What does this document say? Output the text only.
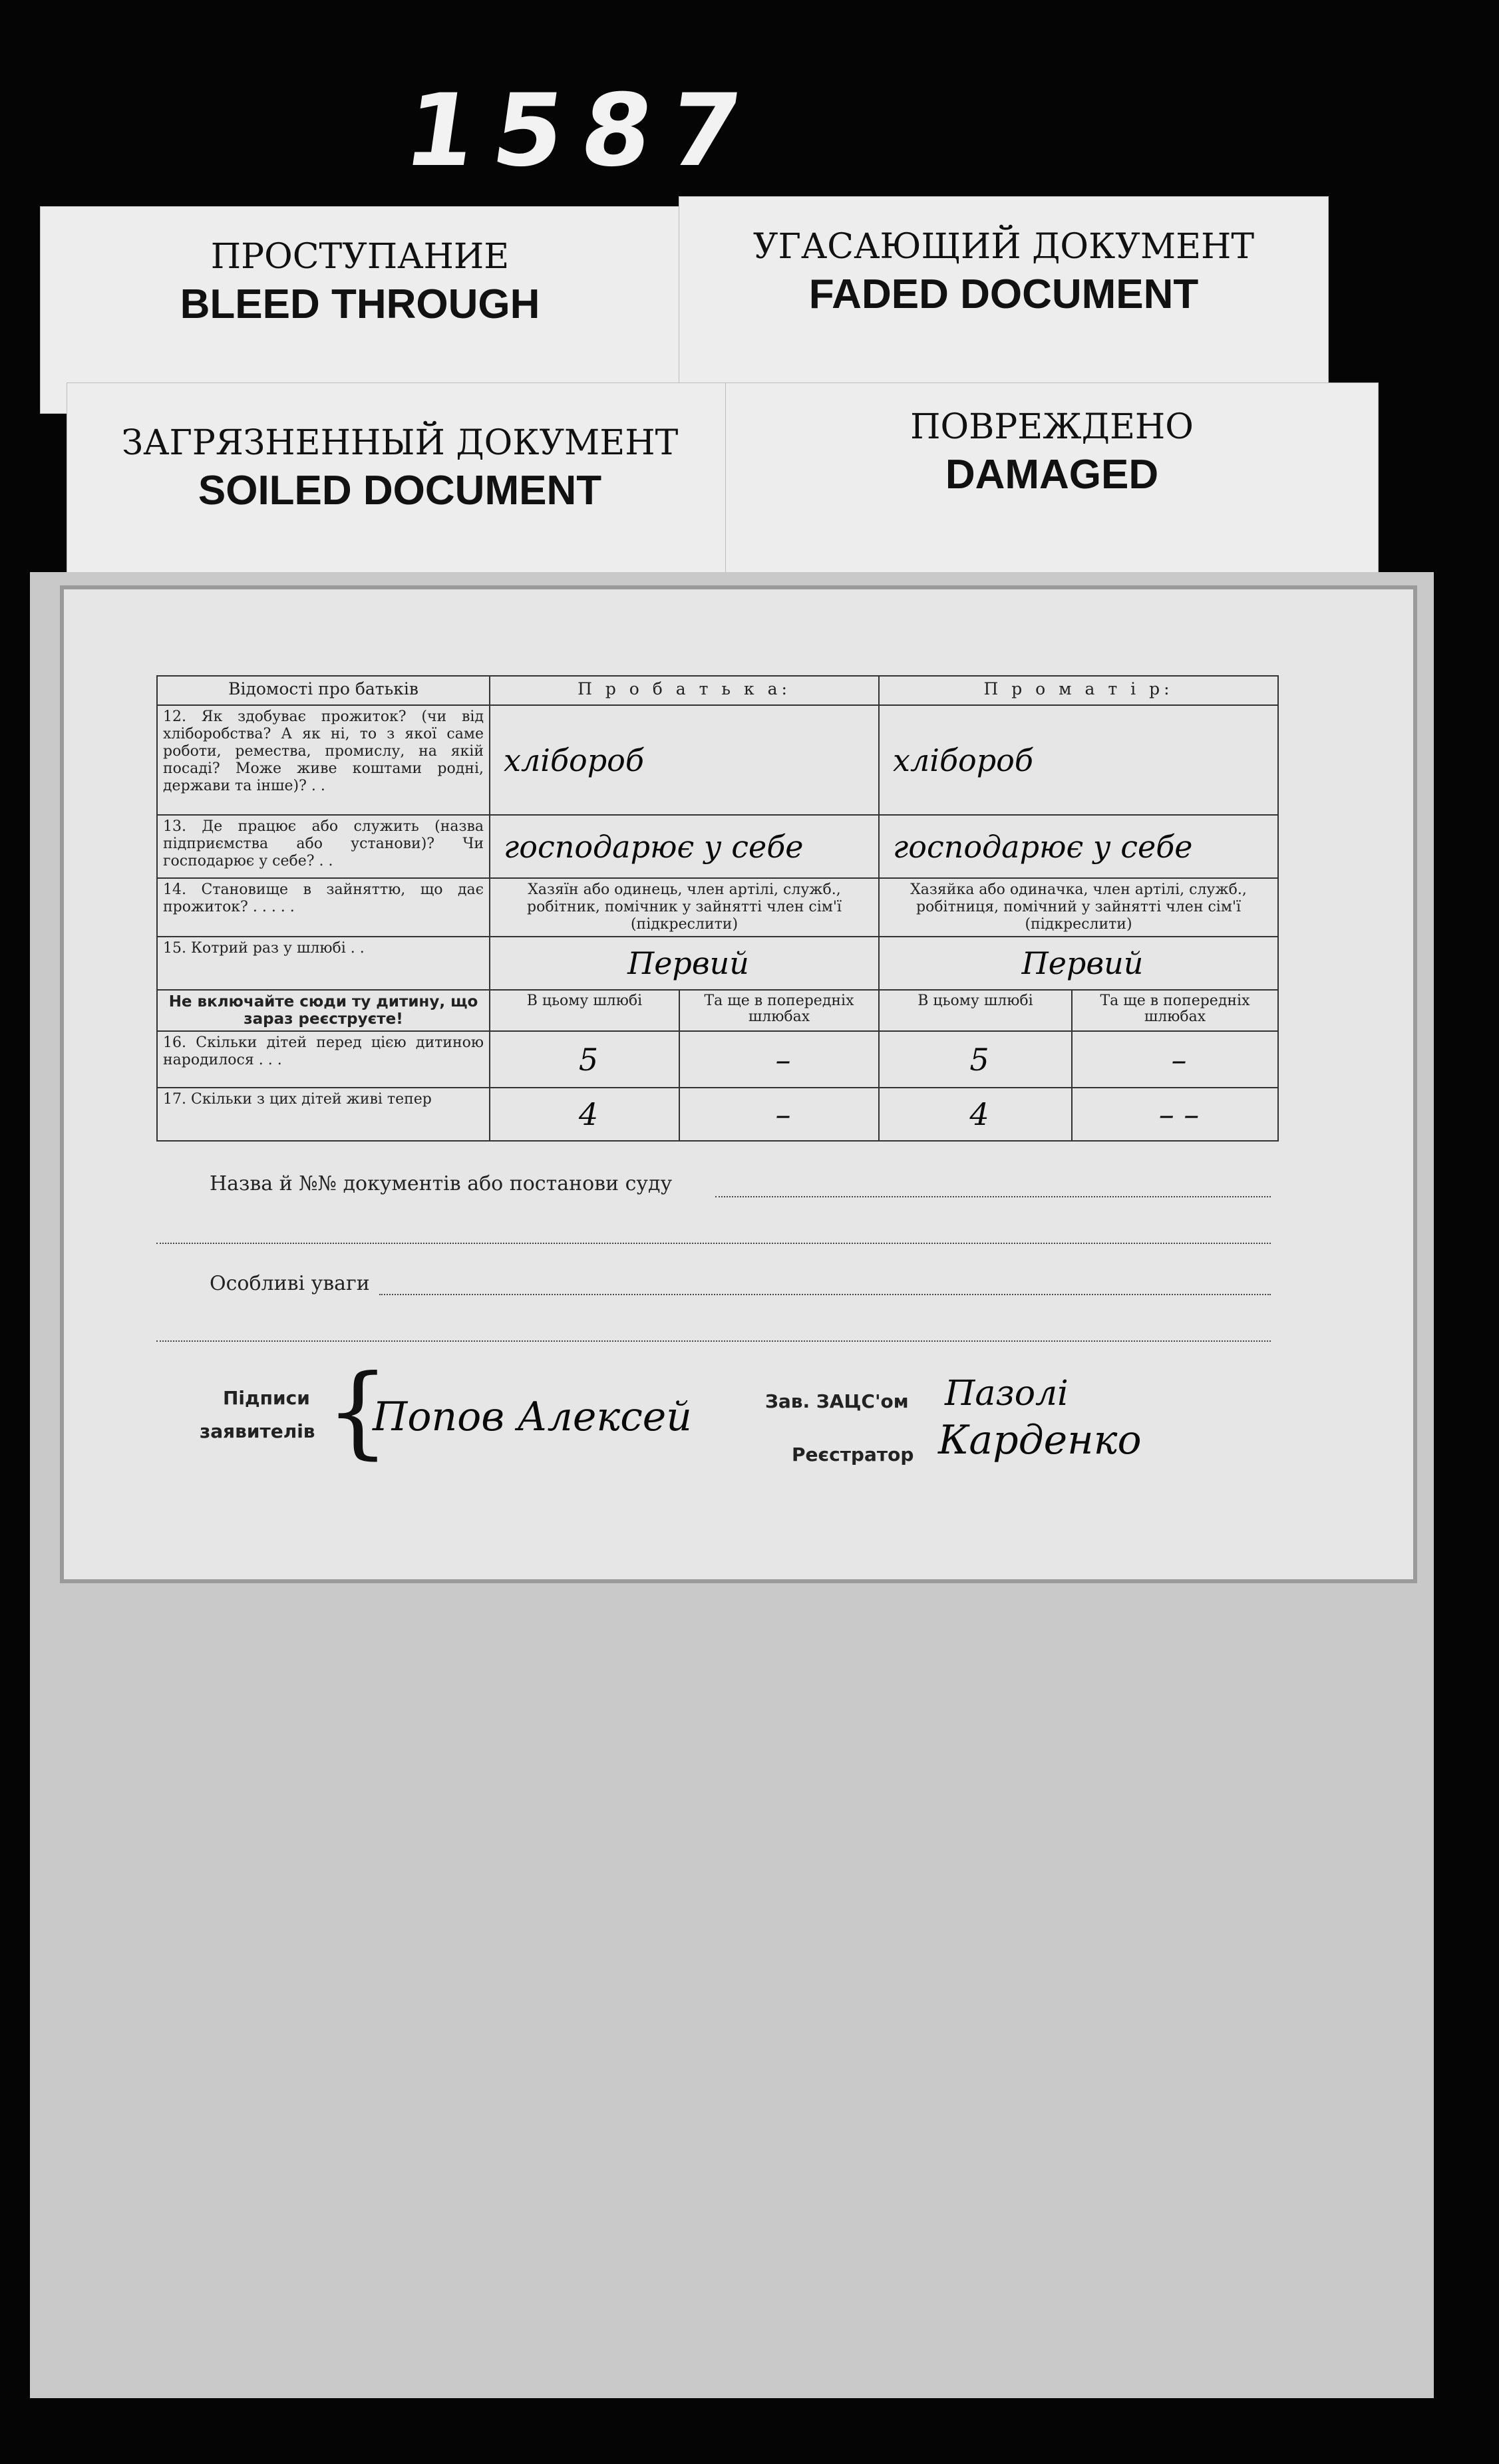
1587
ПРОСТУПАНИЕ
BLEED THROUGH
УГАСАЮЩИЙ ДОКУМЕНТ
FADED DOCUMENT
ЗАГРЯЗНЕННЫЙ ДОКУМЕНТ
SOILED DOCUMENT
ПОВРЕЖДЕНО
DAMAGED
Відомості про батьків	П р о б а т ь к а:		П р о м а т і р:	
12. Як здобуває прожиток? (чи від хліборобства? А як ні, то з якої саме роботи, ремества, промислу, на якій посаді? Може живе коштами родні, держави та інше)? . .	хлібороб		хлібороб	
13. Де працює або служить (назва підприємства або установи)? Чи господарює у себе? . .	господарює у себе		господарює у себе	
14. Становище в зайняттю, що дає прожиток? . . . . .	Хазяїн або одинець, член артілі, служб., робітник, помічник у зайнятті член сім'ї (підкреслити)		Хазяйка або одиначка, член артілі, служб., робітниця, помічний у зайнятті член сім'ї (підкреслити)	
15. Котрий раз у шлюбі . .	Первий		Первий	
Не включайте сюди ту дитину, що зараз реєструєте!	В цьому шлюбі	Та ще в попередніх шлюбах	В цьому шлюбі	Та ще в попередніх шлюбах
16. Скільки дітей перед цією дитиною народилося . . .	5	–	5	–
17. Скільки з цих дітей живі тепер	4	–	4	– –
Назва й №№ документів або постанови суду
Особливі уваги
Підписи
заявителів {
Попов Алексей	Зав. ЗАЦС'ом Пазолі
Реєстратор Карденко
